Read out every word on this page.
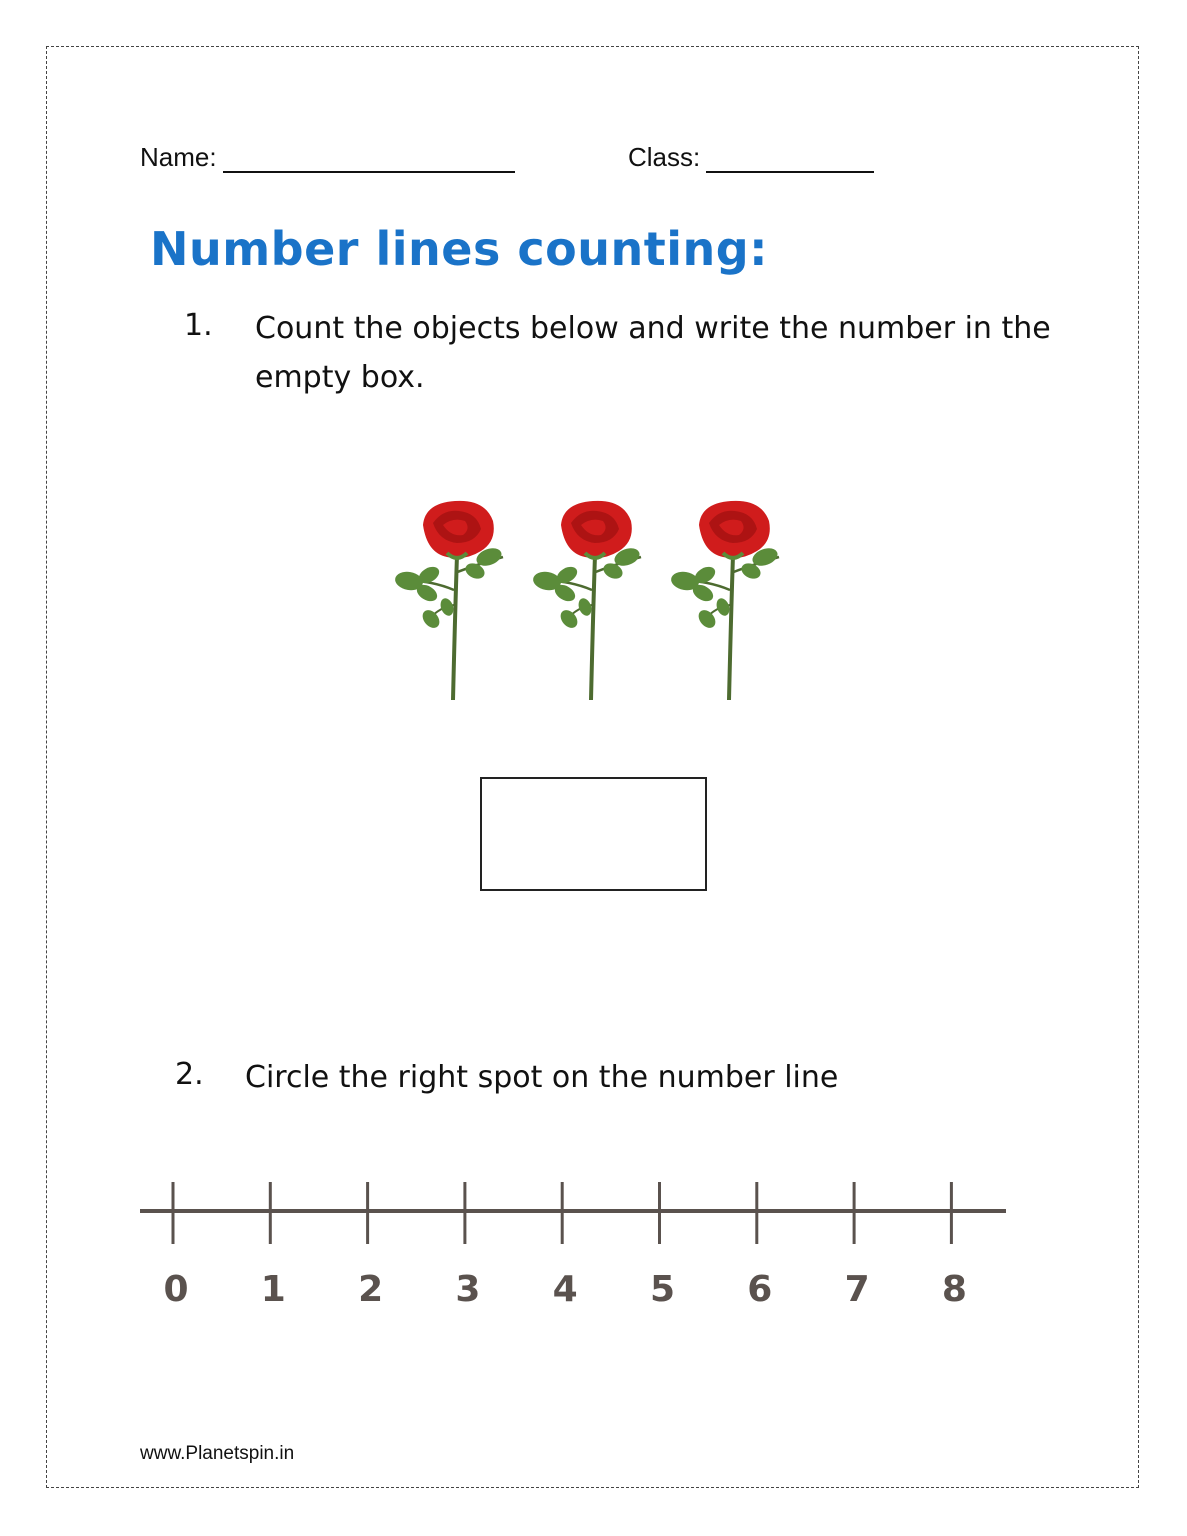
Name:	Class:
Number lines counting:
1. Count the objects below and write the number in the empty box.
2. Circle the right spot on the number line
0 1 2 3 4 5 6 7 8
www.Planetspin.in
